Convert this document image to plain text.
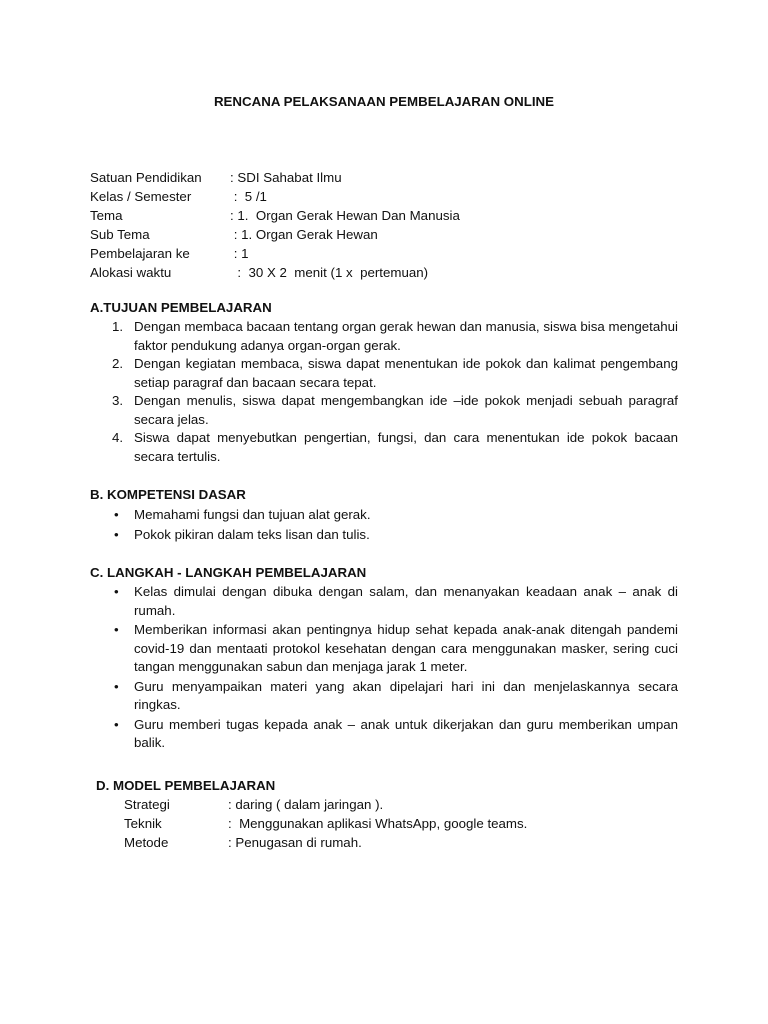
RENCANA PELAKSANAAN PEMBELAJARAN ONLINE
Satuan Pendidikan : SDI Sahabat Ilmu
Kelas / Semester	:  5 /1
Tema	: 1.  Organ Gerak Hewan Dan Manusia
Sub Tema	: 1. Organ Gerak Hewan
Pembelajaran ke	: 1
Alokasi waktu	:  30 X 2  menit (1 x  pertemuan)
A.TUJUAN PEMBELAJARAN
1. Dengan membaca bacaan tentang organ gerak hewan dan manusia, siswa bisa mengetahui faktor pendukung adanya organ-organ gerak.
2. Dengan kegiatan membaca, siswa dapat menentukan ide pokok dan kalimat pengembang setiap paragraf dan bacaan secara tepat.
3. Dengan menulis, siswa dapat mengembangkan ide –ide pokok menjadi sebuah paragraf secara jelas.
4. Siswa dapat menyebutkan pengertian, fungsi, dan cara menentukan ide pokok bacaan secara tertulis.
B. KOMPETENSI DASAR
• Memahami fungsi dan tujuan alat gerak.
• Pokok pikiran dalam teks lisan dan tulis.
C. LANGKAH - LANGKAH PEMBELAJARAN
• Kelas dimulai dengan dibuka dengan salam, dan menanyakan keadaan anak – anak di rumah.
• Memberikan informasi akan pentingnya hidup sehat kepada anak-anak ditengah pandemi covid-19 dan mentaati protokol kesehatan dengan cara menggunakan masker, sering cuci tangan menggunakan sabun dan menjaga jarak 1 meter.
• Guru menyampaikan materi yang akan dipelajari hari ini dan menjelaskannya secara ringkas.
• Guru memberi tugas kepada anak – anak untuk dikerjakan dan guru memberikan umpan balik.
D. MODEL PEMBELAJARAN
Strategi	: daring ( dalam jaringan ).
Teknik	:  Menggunakan aplikasi WhatsApp, google teams.
Metode	: Penugasan di rumah.
